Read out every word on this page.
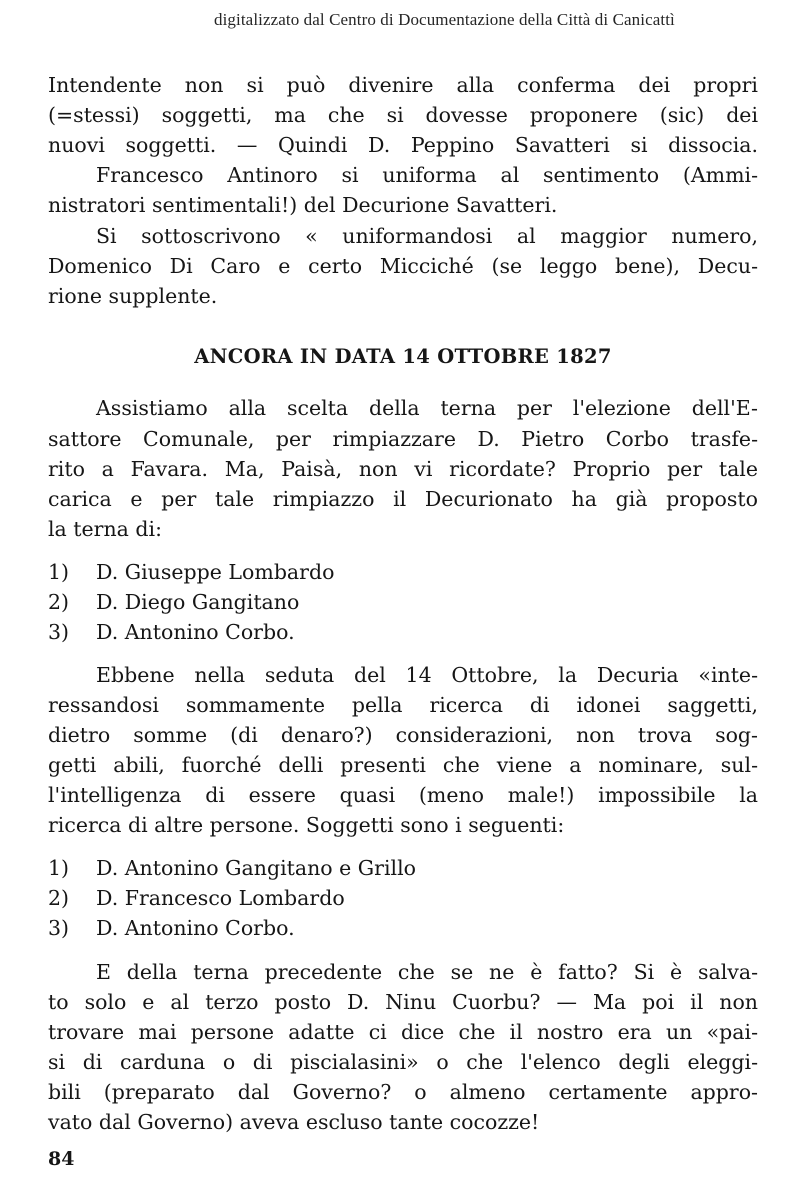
digitalizzato dal Centro di Documentazione della Città di Canicattì
Intendente non si può divenire alla conferma dei propri
(=stessi) soggetti, ma che si dovesse proponere (sic) dei
nuovi soggetti. — Quindi D. Peppino Savatteri si dissocia.
Francesco Antinoro si uniforma al sentimento (Ammi-
nistratori sentimentali!) del Decurione Savatteri.
Si sottoscrivono « uniformandosi al maggior numero,
Domenico Di Caro e certo Micciché (se leggo bene), Decu-
rione supplente.
ANCORA IN DATA 14 OTTOBRE 1827
Assistiamo alla scelta della terna per l'elezione dell'E-
sattore Comunale, per rimpiazzare D. Pietro Corbo trasfe-
rito a Favara. Ma, Paisà, non vi ricordate? Proprio per tale
carica e per tale rimpiazzo il Decurionato ha già proposto
la terna di:
1) D. Giuseppe Lombardo
2) D. Diego Gangitano
3) D. Antonino Corbo.
Ebbene nella seduta del 14 Ottobre, la Decuria «inte-
ressandosi sommamente pella ricerca di idonei saggetti,
dietro somme (di denaro?) considerazioni, non trova sog-
getti abili, fuorché delli presenti che viene a nominare, sul-
l'intelligenza di essere quasi (meno male!) impossibile la
ricerca di altre persone. Soggetti sono i seguenti:
1) D. Antonino Gangitano e Grillo
2) D. Francesco Lombardo
3) D. Antonino Corbo.
E della terna precedente che se ne è fatto? Si è salva-
to solo e al terzo posto D. Ninu Cuorbu? — Ma poi il non
trovare mai persone adatte ci dice che il nostro era un «pai-
si di carduna o di piscialasini» o che l'elenco degli eleggi-
bili (preparato dal Governo? o almeno certamente appro-
vato dal Governo) aveva escluso tante cocozze!
84
